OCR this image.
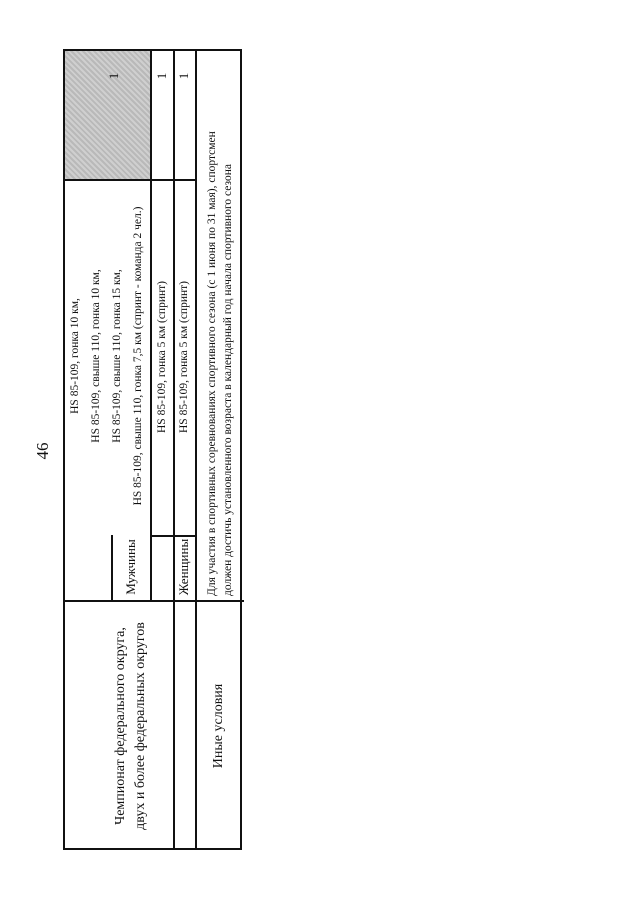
46
Чемпионат федерального округа, двух и более федеральных округов
Мужчины
HS 85-109, гонка 10 км, HS 85-109, свыше 110, гонка 10 км, HS 85-109, свыше 110, гонка 15 км, HS 85-109, свыше 110, гонка 7,5 км (спринт - команда 2 чел.)
1
HS 85-109, гонка 5 км (спринт)
1
Женщины
HS 85-109, гонка 5 км (спринт)
1
Иные условия
Для участия в спортивных соревнованиях спортивного сезона (с 1 июня по 31 мая), спортсмен должен достичь установленного возраста в календарный год начала спортивного сезона
